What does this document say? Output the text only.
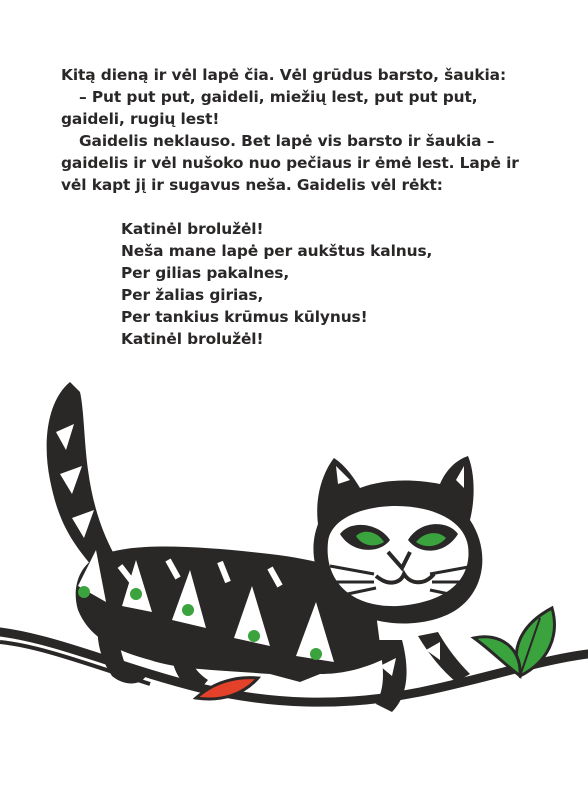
Kitą dieną ir vėl lapė čia. Vėl grūdus barsto, šaukia:

– Put put put, gaideli, miežių lest, put put put, gaideli, rugių lest!

Gaidelis neklauso. Bet lapė vis barsto ir šaukia – gaidelis ir vėl nušoko nuo pečiaus ir ėmė lest. Lapė ir vėl kapt jį ir sugavus neša. Gaidelis vėl rėkt:

Katinėl brolužėl!
Neša mane lapė per aukštus kalnus,
Per gilias pakalnes,
Per žalias girias,
Per tankius krūmus kūlynus!
Katinėl brolužėl!
